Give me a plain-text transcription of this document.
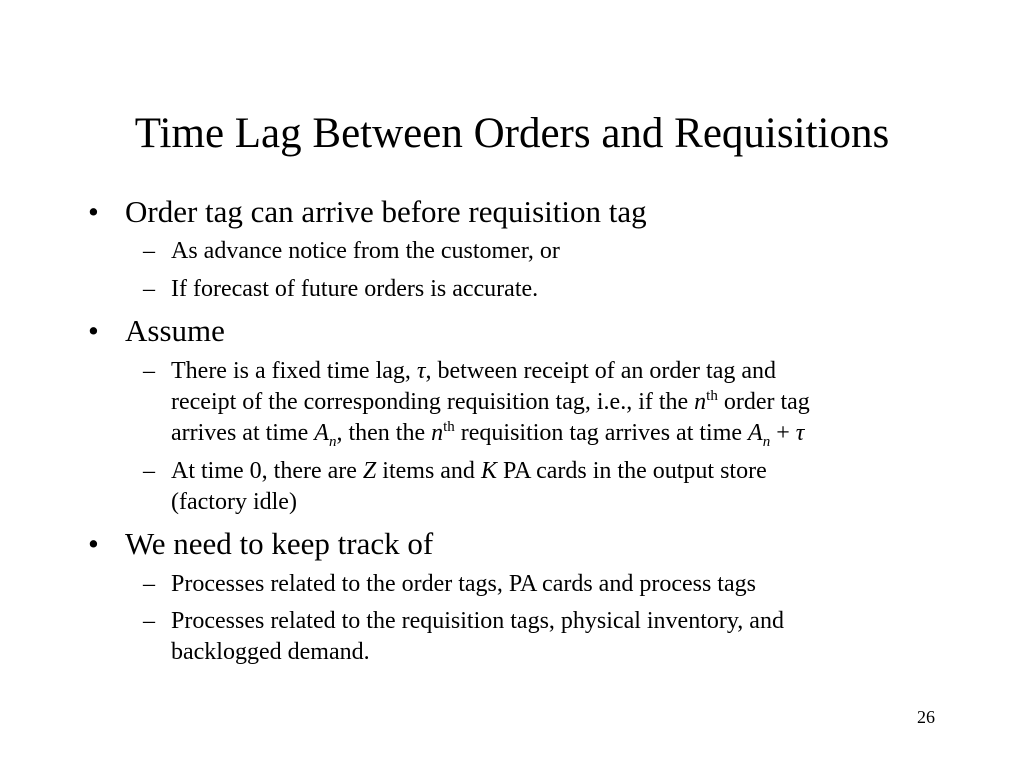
Time Lag Between Orders and Requisitions
• Order tag can arrive before requisition tag
– As advance notice from the customer, or
– If forecast of future orders is accurate.
• Assume
– There is a fixed time lag, τ, between receipt of an order tag and
receipt of the corresponding requisition tag, i.e., if the $n^{th}$ order tag
arrives at time $A_n$, then the $n^{th}$ requisition tag arrives at time $A_n + \tau$
– At time 0, there are Z items and K PA cards in the output store
(factory idle)
• We need to keep track of
– Processes related to the order tags, PA cards and process tags
– Processes related to the requisition tags, physical inventory, and
backlogged demand.
26
